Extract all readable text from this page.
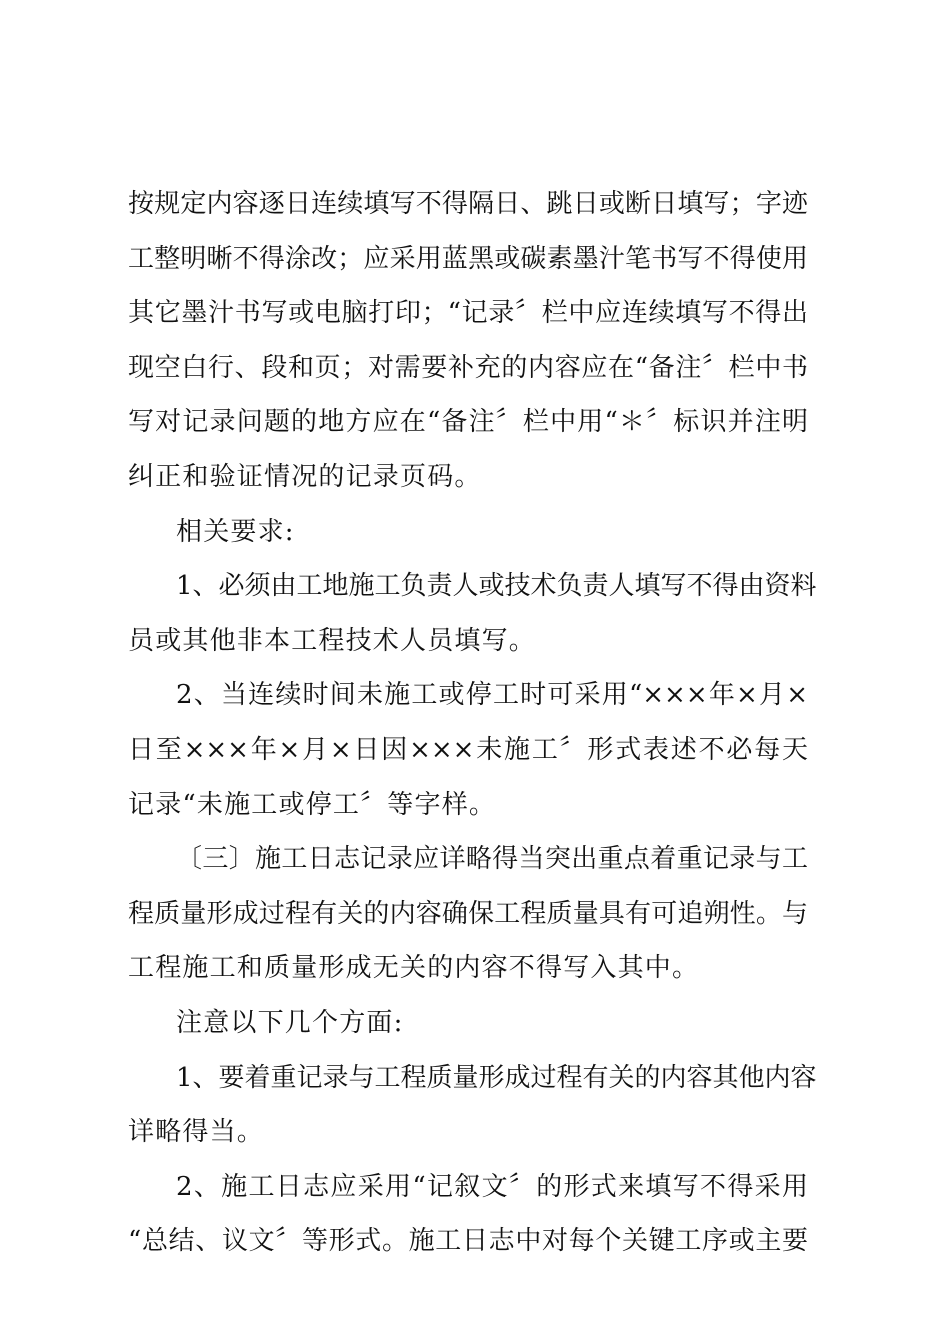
按规定内容逐日连续填写不得隔日、跳日或断日填写；字迹
工整明晰不得涂改；应采用蓝黑或碳素墨汁笔书写不得使用
其它墨汁书写或电脑打印；“记录〞栏中应连续填写不得出
现空白行、段和页；对需要补充的内容应在“备注〞栏中书
写对记录问题的地方应在“备注〞栏中用“＊〞标识并注明
纠正和验证情况的记录页码。
相关要求:
1、必须由工地施工负责人或技术负责人填写不得由资料
员或其他非本工程技术人员填写。
2、当连续时间未施工或停工时可采用“×××年×月×
日至×××年×月×日因×××未施工〞形式表述不必每天
记录“未施工或停工〞等字样。
〔三〕施工日志记录应详略得当突出重点着重记录与工
程质量形成过程有关的内容确保工程质量具有可追朔性。与
工程施工和质量形成无关的内容不得写入其中。
注意以下几个方面:
1、要着重记录与工程质量形成过程有关的内容其他内容
详略得当。
2、施工日志应采用“记叙文〞的形式来填写不得采用
“总结、议文〞等形式。施工日志中对每个关键工序或主要
